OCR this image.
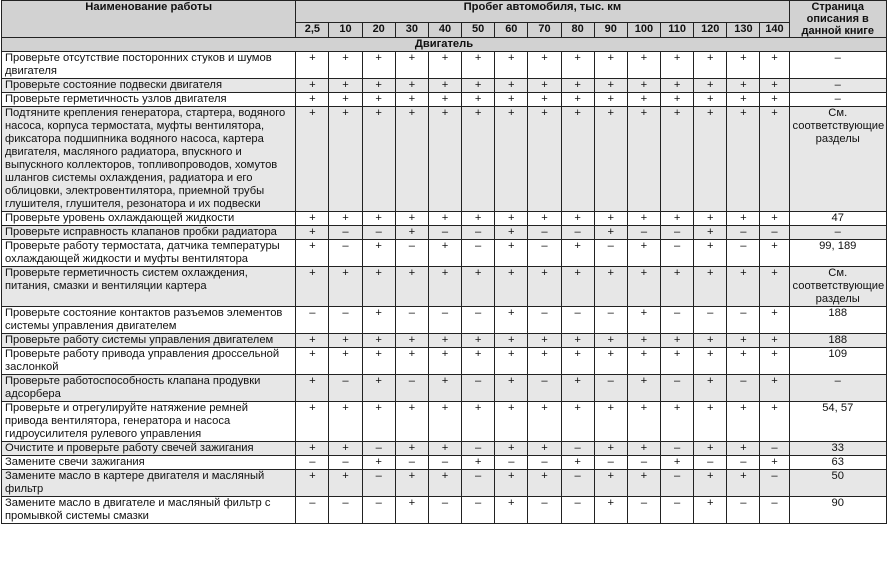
Наименование работы	Пробег автомобиля, тыс. км															Страница описания в данной книге
	2,5	10	20	30	40	50	60	70	80	90	100	110	120	130	140	
Двигатель																
Проверьте отсутствие посторонних стуков и шумов двигателя	+	+	+	+	+	+	+	+	+	+	+	+	+	+	+	–
Проверьте состояние подвески двигателя	+	+	+	+	+	+	+	+	+	+	+	+	+	+	+	–
Проверьте герметичность узлов двигателя	+	+	+	+	+	+	+	+	+	+	+	+	+	+	+	–
Подтяните крепления генератора, стартера, водяного насоса, корпуса термостата, муфты вентилятора, фиксатора подшипника водяного насоса, картера двигателя, масляного радиатора, впускного и выпускного коллекторов, топливопроводов, хомутов шлангов системы охлаждения, радиатора и его облицовки, электровентилятора, приемной трубы глушителя, глушителя, резонатора и их подвески	+	+	+	+	+	+	+	+	+	+	+	+	+	+	+	См. соответствующие разделы
Проверьте уровень охлаждающей жидкости	+	+	+	+	+	+	+	+	+	+	+	+	+	+	+	47
Проверьте исправность клапанов пробки радиатора	+	–	–	+	–	–	+	–	–	+	–	–	+	–	–	–
Проверьте работу термостата, датчика температуры охлаждающей жидкости и муфты вентилятора	+	–	+	–	+	–	+	–	+	–	+	–	+	–	+	99, 189
Проверьте герметичность систем охлаждения, питания, смазки и вентиляции картера	+	+	+	+	+	+	+	+	+	+	+	+	+	+	+	См. соответствующие разделы
Проверьте состояние контактов разъемов элементов системы управления двигателем	–	–	+	–	–	–	+	–	–	–	+	–	–	–	+	188
Проверьте работу системы управления двигателем	+	+	+	+	+	+	+	+	+	+	+	+	+	+	+	188
Проверьте работу привода управления дроссельной заслонкой	+	+	+	+	+	+	+	+	+	+	+	+	+	+	+	109
Проверьте работоспособность клапана продувки адсорбера	+	–	+	–	+	–	+	–	+	–	+	–	+	–	+	–
Проверьте и отрегулируйте натяжение ремней привода вентилятора, генератора и насоса гидроусилителя рулевого управления	+	+	+	+	+	+	+	+	+	+	+	+	+	+	+	54, 57
Очистите и проверьте работу свечей зажигания	+	+	–	+	+	–	+	+	–	+	+	–	+	+	–	33
Замените свечи зажигания	–	–	+	–	–	+	–	–	+	–	–	+	–	–	+	63
Замените масло в картере двигателя и масляный фильтр	+	+	–	+	+	–	+	+	–	+	+	–	+	+	–	50
Замените масло в двигателе и масляный фильтр с промывкой системы смазки	–	–	–	+	–	–	+	–	–	+	–	–	+	–	–	90
